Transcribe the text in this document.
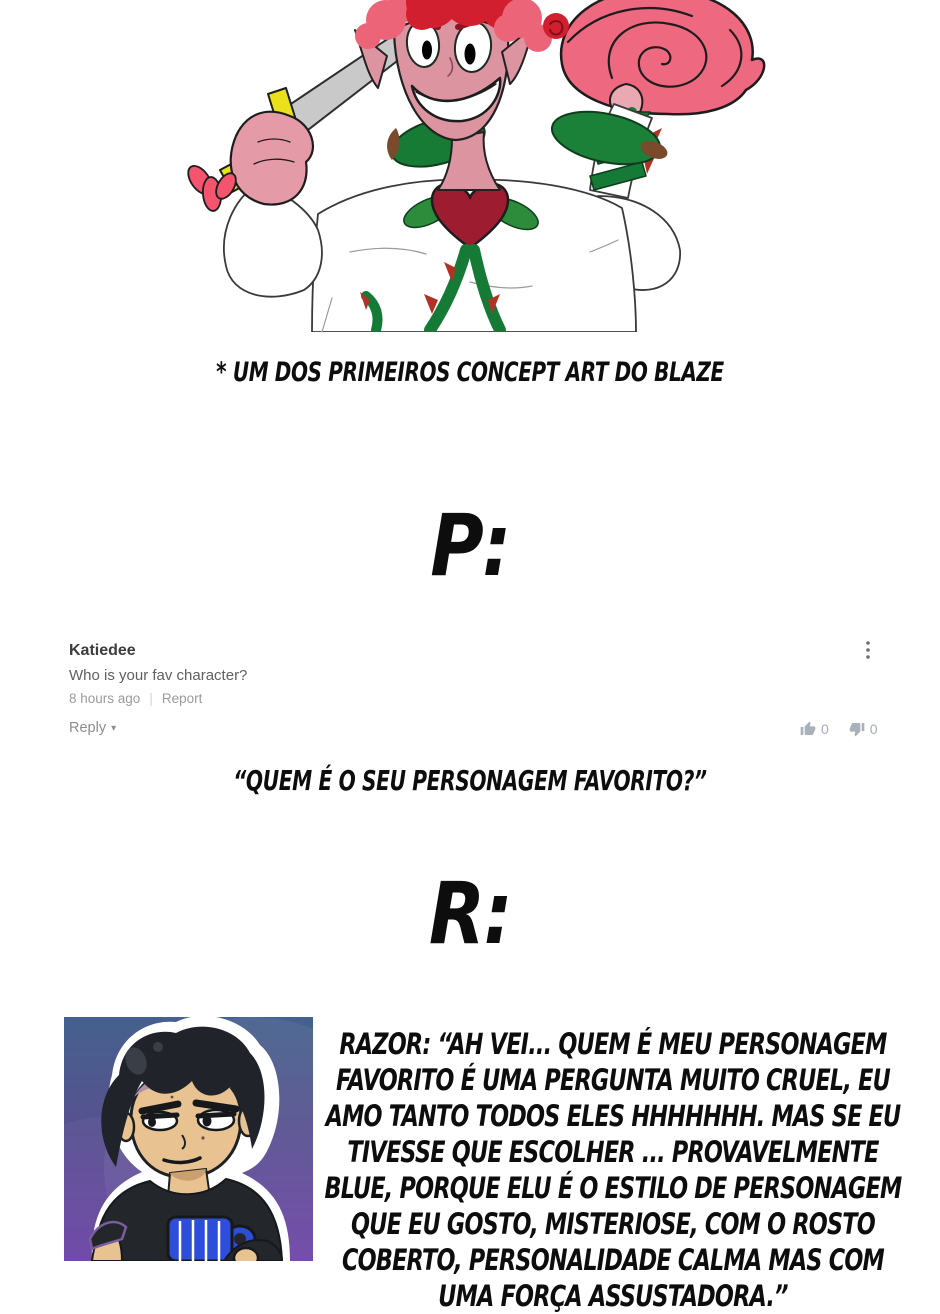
* UM DOS PRIMEIROS CONCEPT ART DO BLAZE
P:
Katiedee
Who is your fav character?
8 hours ago | Report
Reply ▾	0	0
“QUEM É O SEU PERSONAGEM FAVORITO?”
R:
RAZOR: “AH VEI... QUEM É MEU PERSONAGEM FAVORITO É UMA PERGUNTA MUITO CRUEL, EU AMO TANTO TODOS ELES HHHHHHH. MAS SE EU TIVESSE QUE ESCOLHER ... PROVAVELMENTE BLUE, PORQUE ELU É O ESTILO DE PERSONAGEM QUE EU GOSTO, MISTERIOSE, COM O ROSTO COBERTO, PERSONALIDADE CALMA MAS COM UMA FORÇA ASSUSTADORA.”
